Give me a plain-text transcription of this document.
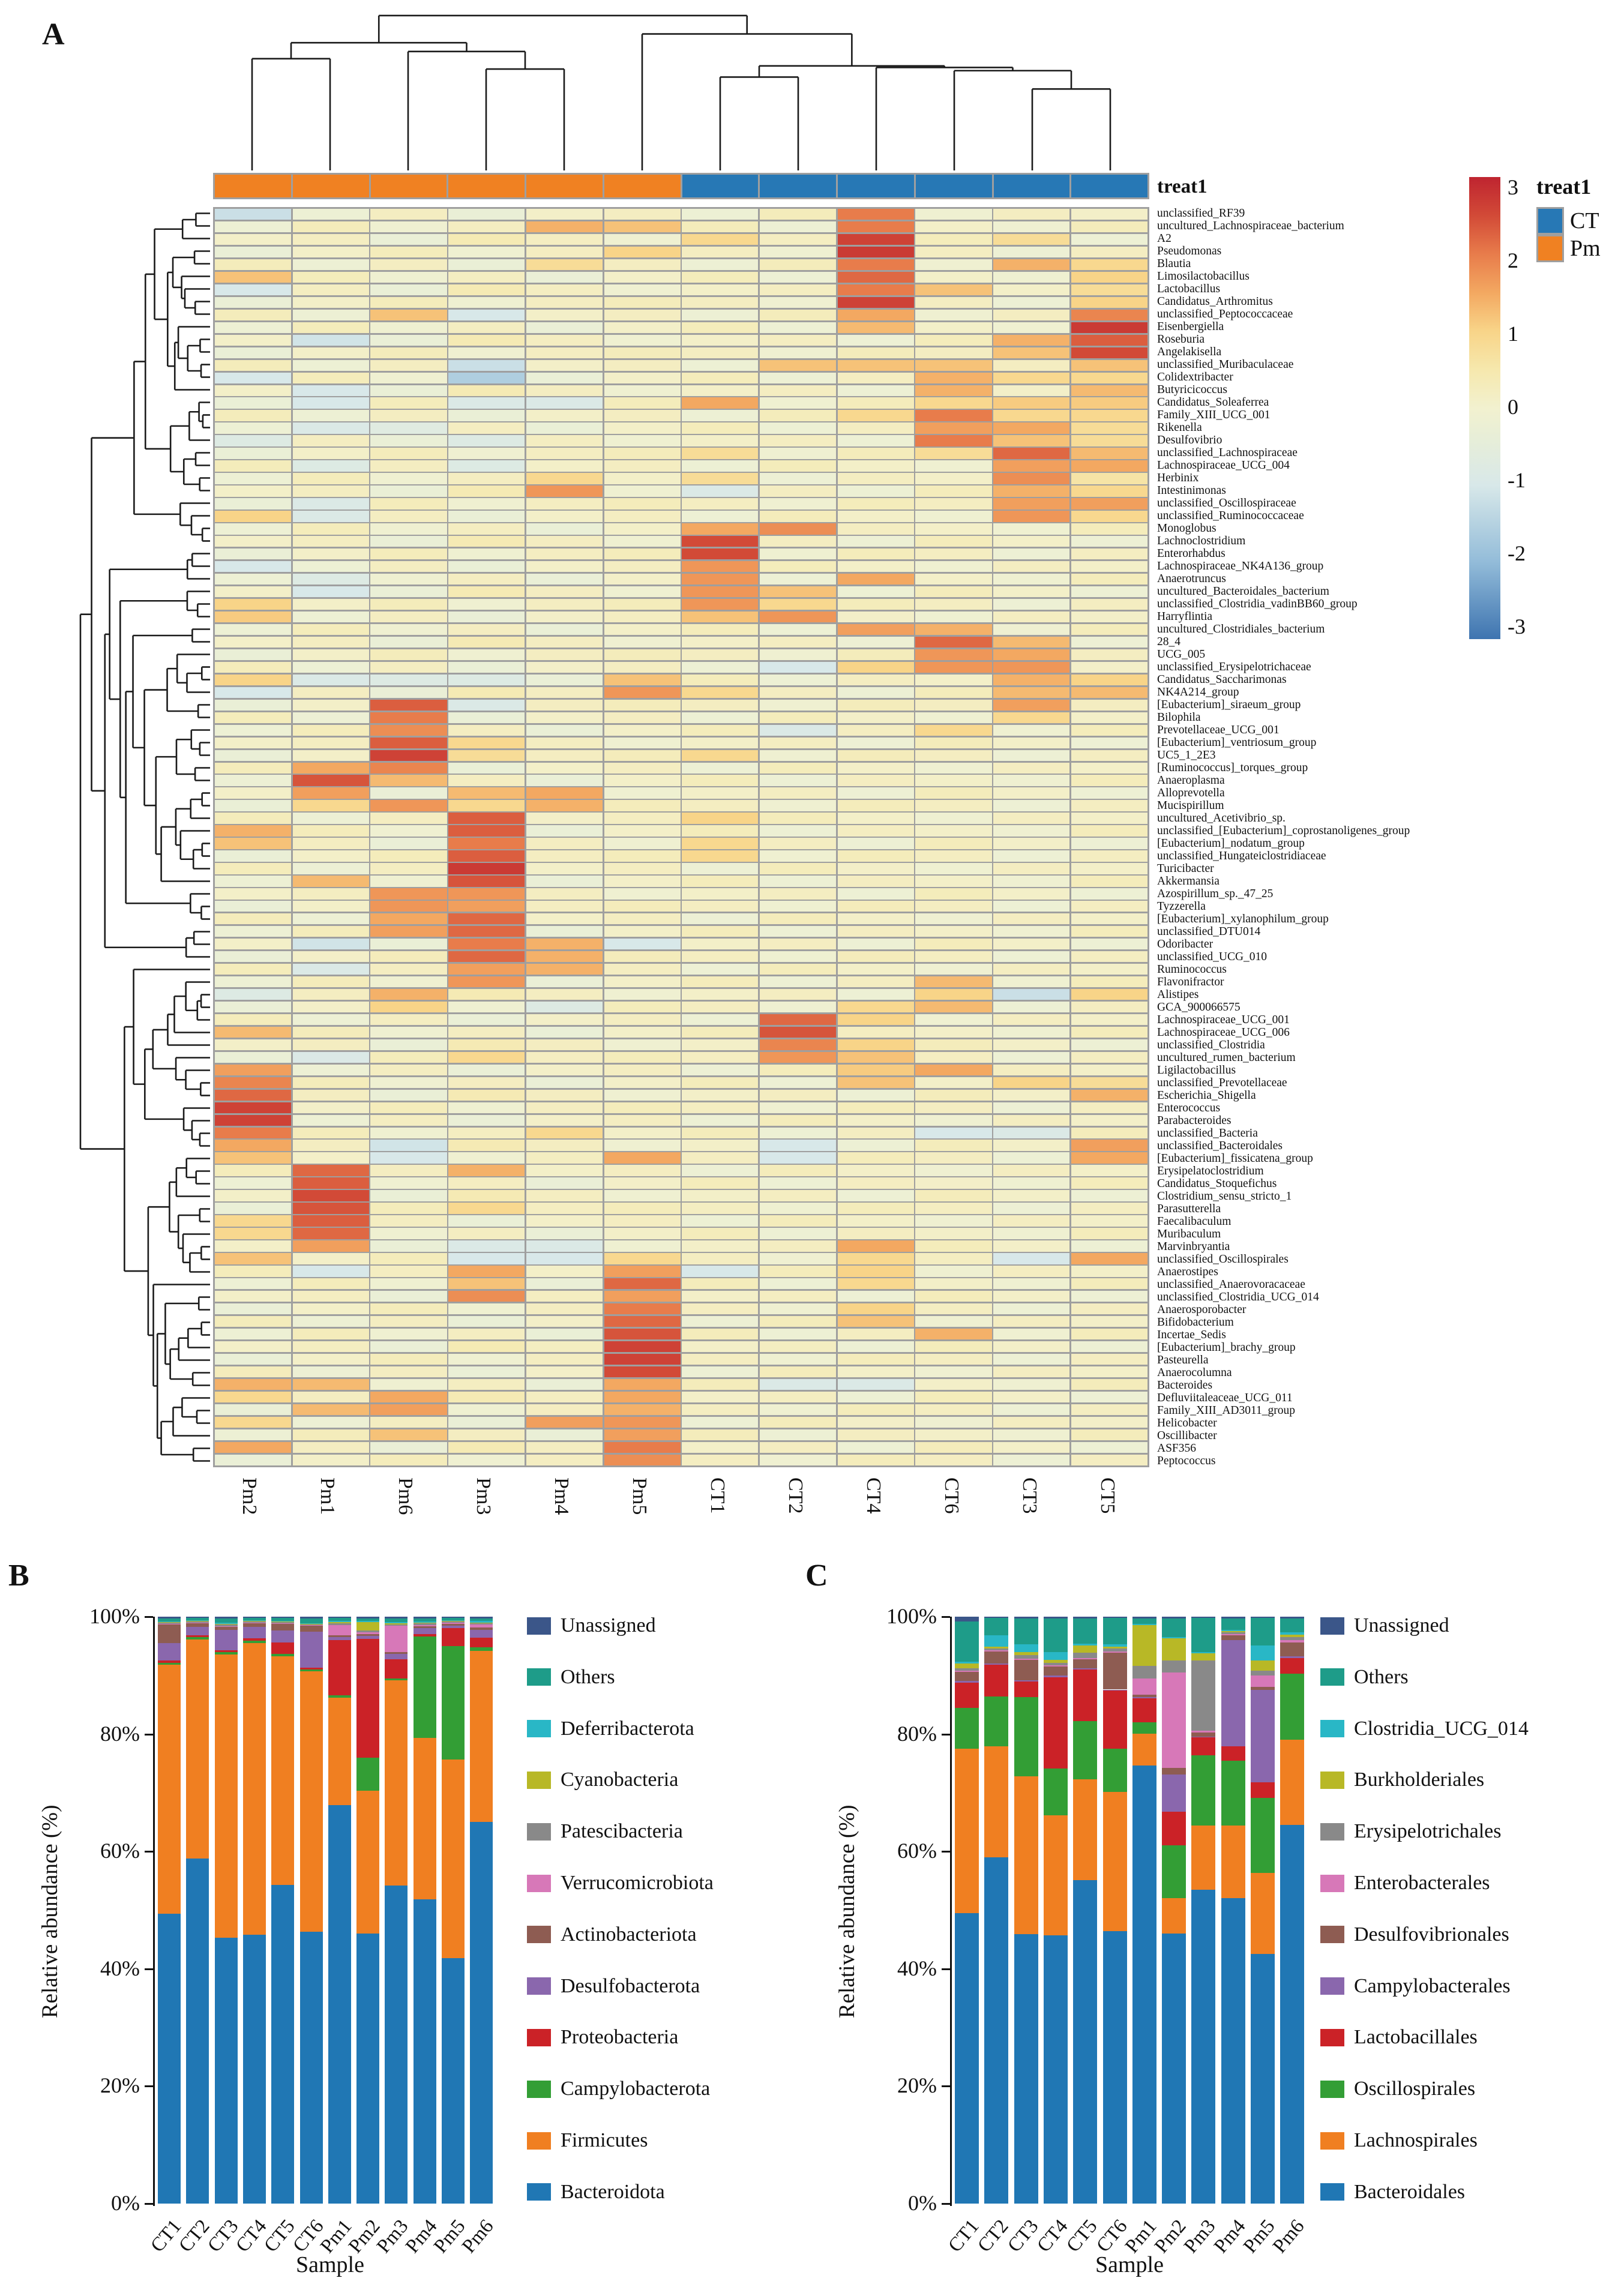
A
treat1
unclassified_RF39
uncultured_Lachnospiraceae_bacterium
A2
Pseudomonas
Blautia
Limosilactobacillus
Lactobacillus
Candidatus_Arthromitus
unclassified_Peptococcaceae
Eisenbergiella
Roseburia
Angelakisella
unclassified_Muribaculaceae
Colidextribacter
Butyricicoccus
Candidatus_Soleaferrea
Family_XIII_UCG_001
Rikenella
Desulfovibrio
unclassified_Lachnospiraceae
Lachnospiraceae_UCG_004
Herbinix
Intestinimonas
unclassified_Oscillospiraceae
unclassified_Ruminococcaceae
Monoglobus
Lachnoclostridium
Enterorhabdus
Lachnospiraceae_NK4A136_group
Anaerotruncus
uncultured_Bacteroidales_bacterium
unclassified_Clostridia_vadinBB60_group
Harryflintia
uncultured_Clostridiales_bacterium
28_4
UCG_005
unclassified_Erysipelotrichaceae
Candidatus_Saccharimonas
NK4A214_group
[Eubacterium]_siraeum_group
Bilophila
Prevotellaceae_UCG_001
[Eubacterium]_ventriosum_group
UC5_1_2E3
[Ruminococcus]_torques_group
Anaeroplasma
Alloprevotella
Mucispirillum
uncultured_Acetivibrio_sp.
unclassified_[Eubacterium]_coprostanoligenes_group
[Eubacterium]_nodatum_group
unclassified_Hungateiclostridiaceae
Turicibacter
Akkermansia
Azospirillum_sp._47_25
Tyzzerella
[Eubacterium]_xylanophilum_group
unclassified_DTU014
Odoribacter
unclassified_UCG_010
Ruminococcus
Flavonifractor
Alistipes
GCA_900066575
Lachnospiraceae_UCG_001
Lachnospiraceae_UCG_006
unclassified_Clostridia
uncultured_rumen_bacterium
Ligilactobacillus
unclassified_Prevotellaceae
Escherichia_Shigella
Enterococcus
Parabacteroides
unclassified_Bacteria
unclassified_Bacteroidales
[Eubacterium]_fissicatena_group
Erysipelatoclostridium
Candidatus_Stoquefichus
Clostridium_sensu_stricto_1
Parasutterella
Faecalibaculum
Muribaculum
Marvinbryantia
unclassified_Oscillospirales
Anaerostipes
unclassified_Anaerovoracaceae
unclassified_Clostridia_UCG_014
Anaerosporobacter
Bifidobacterium
Incertae_Sedis
[Eubacterium]_brachy_group
Pasteurella
Anaerocolumna
Bacteroides
Defluviitaleaceae_UCG_011
Family_XIII_AD3011_group
Helicobacter
Oscillibacter
ASF356
Peptococcus
Pm2	Pm1	Pm6	Pm3	Pm4	Pm5	CT1	CT2	CT4	CT6	CT3	CT5
3
2
1
0
-1
-2
-3
treat1
CT
Pm
B
Relative abundance (%)
0%
20%
40%
60%
80%
100%
CT1
CT2
CT3
CT4
CT5
CT6
Pm1
Pm2
Pm3
Pm4
Pm5
Pm6
Unassigned
Others
Deferribacterota
Cyanobacteria
Patescibacteria
Verrucomicrobiota
Actinobacteriota
Desulfobacterota
Proteobacteria
Campylobacterota
Firmicutes
Bacteroidota
Sample
C
Relative abundance (%)
0%
20%
40%
60%
80%
100%
CT1
CT2
CT3
CT4
CT5
CT6
Pm1
Pm2
Pm3
Pm4
Pm5
Pm6
Unassigned
Others
Clostridia_UCG_014
Burkholderiales
Erysipelotrichales
Enterobacterales
Desulfovibrionales
Campylobacterales
Lactobacillales
Oscillospirales
Lachnospirales
Bacteroidales
Sample
